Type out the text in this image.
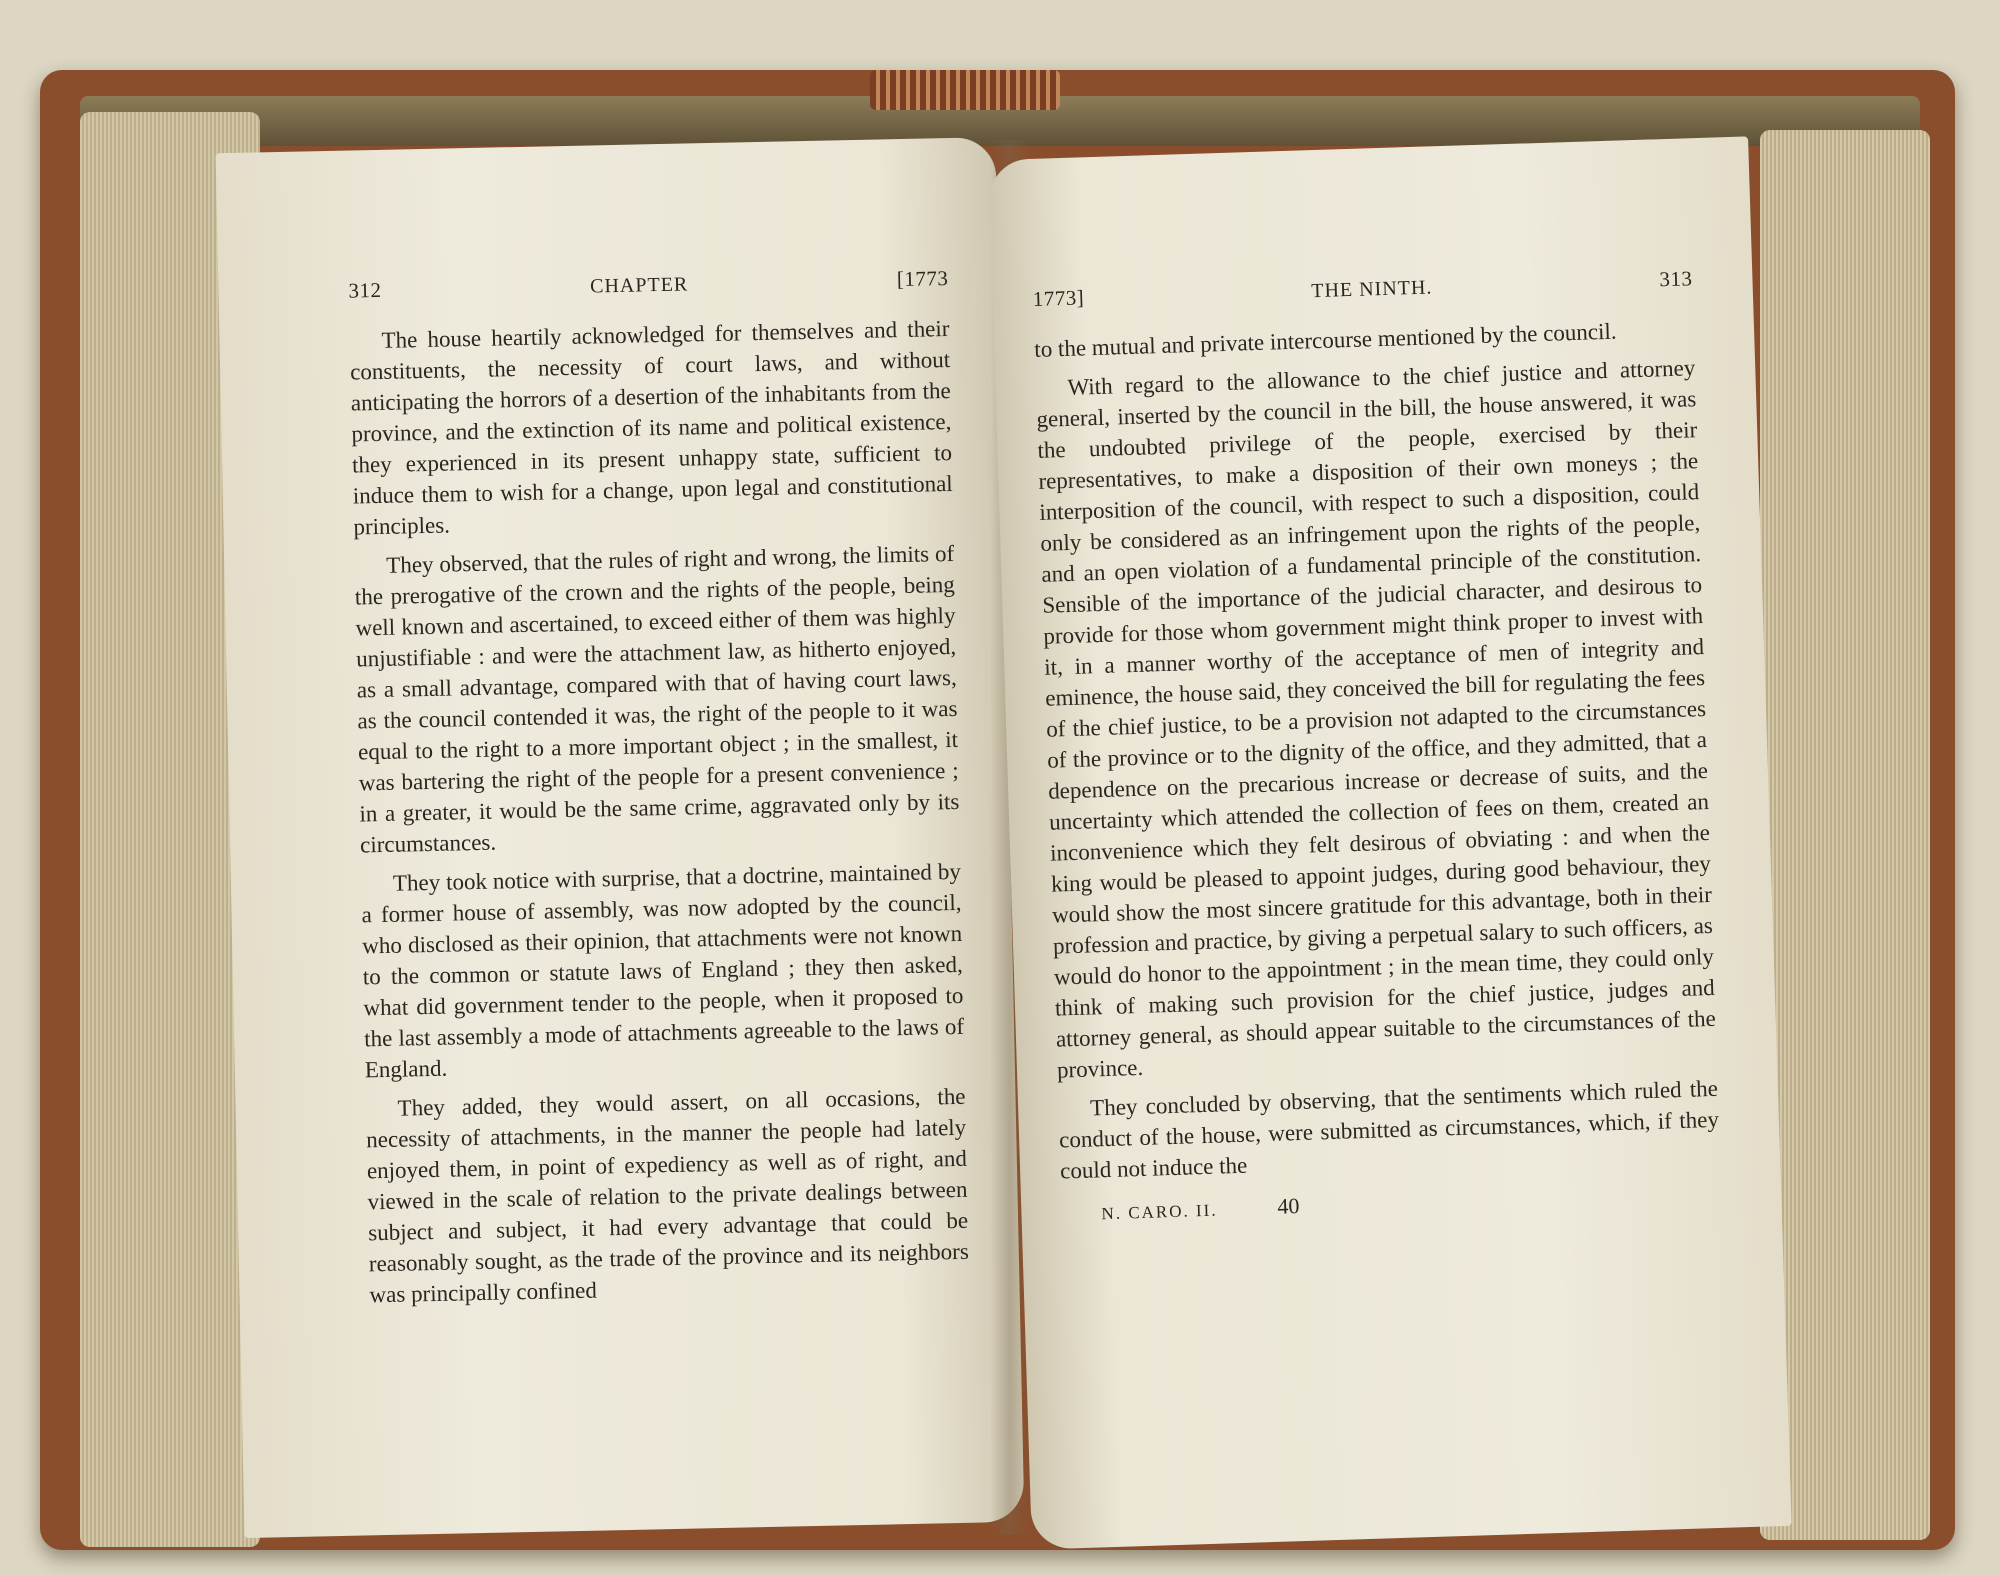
312	CHAPTER	[1773

The house heartily acknowledged for themselves and their constituents, the necessity of court laws, and without anticipating the horrors of a desertion of the inhabitants from the province, and the extinction of its name and political existence, they experienced in its present unhappy state, sufficient to induce them to wish for a change, upon legal and constitutional principles.

They observed, that the rules of right and wrong, the limits of the prerogative of the crown and the rights of the people, being well known and ascertained, to exceed either of them was highly unjustifiable : and were the attachment law, as hitherto enjoyed, as a small advantage, compared with that of having court laws, as the council contended it was, the right of the people to it was equal to the right to a more important object ; in the smallest, it was bartering the right of the people for a present convenience ; in a greater, it would be the same crime, aggravated only by its circumstances.

They took notice with surprise, that a doctrine, maintained by a former house of assembly, was now adopted by the council, who disclosed as their opinion, that attachments were not known to the common or statute laws of England ; they then asked, what did government tender to the people, when it proposed to the last assembly a mode of attachments agreeable to the laws of England.

They added, they would assert, on all occasions, the necessity of attachments, in the manner the people had lately enjoyed them, in point of expediency as well as of right, and viewed in the scale of relation to the private dealings between subject and subject, it had every advantage that could be reasonably sought, as the trade of the province and its neighbors was principally confined

1773]	THE NINTH.	313

to the mutual and private intercourse mentioned by the council.

With regard to the allowance to the chief justice and attorney general, inserted by the council in the bill, the house answered, it was the undoubted privilege of the people, exercised by their representatives, to make a disposition of their own moneys ; the interposition of the council, with respect to such a disposition, could only be considered as an infringement upon the rights of the people, and an open violation of a fundamental principle of the constitution. Sensible of the importance of the judicial character, and desirous to provide for those whom government might think proper to invest with it, in a manner worthy of the acceptance of men of integrity and eminence, the house said, they conceived the bill for regulating the fees of the chief justice, to be a provision not adapted to the circumstances of the province or to the dignity of the office, and they admitted, that a dependence on the precarious increase or decrease of suits, and the uncertainty which attended the collection of fees on them, created an inconvenience which they felt desirous of obviating : and when the king would be pleased to appoint judges, during good behaviour, they would show the most sincere gratitude for this advantage, both in their profession and practice, by giving a perpetual salary to such officers, as would do honor to the appointment ; in the mean time, they could only think of making such provision for the chief justice, judges and attorney general, as should appear suitable to the circumstances of the province.

They concluded by observing, that the sentiments which ruled the conduct of the house, were submitted as circumstances, which, if they could not induce the

N. CARO. II.	40
